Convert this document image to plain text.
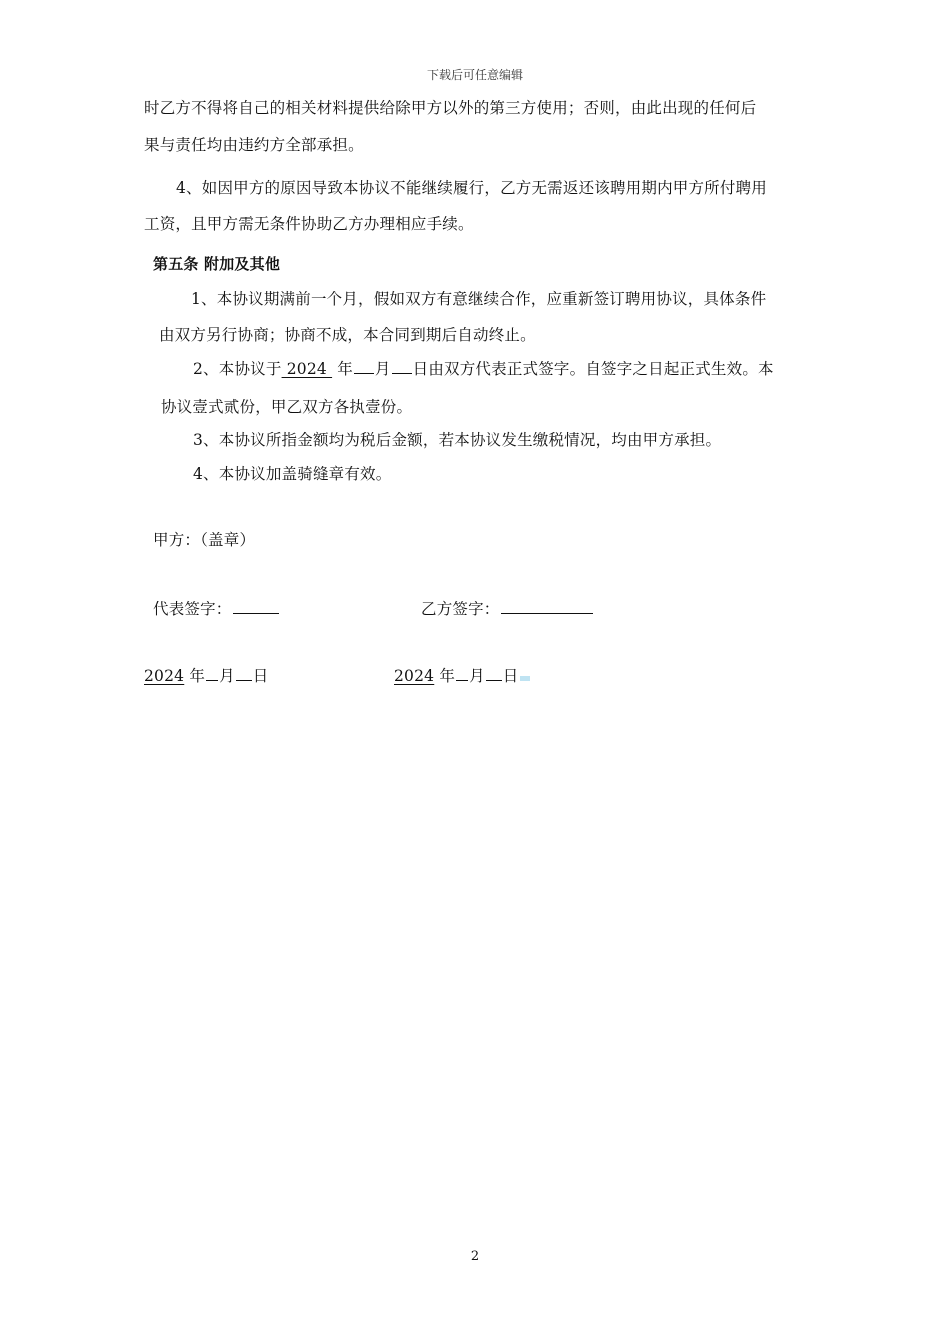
下载后可任意编辑
时乙方不得将自己的相关材料提供给除甲方以外的第三方使用；否则，由此出现的任何后
果与责任均由违约方全部承担。
4、如因甲方的原因导致本协议不能继续履行，乙方无需返还该聘用期内甲方所付聘用
工资，且甲方需无条件协助乙方办理相应手续。
第五条 附加及其他
1、本协议期满前一个月，假如双方有意继续合作，应重新签订聘用协议，具体条件
由双方另行协商；协商不成，本合同到期后自动终止。
2、本协议于 2024  年 月 日由双方代表正式签字。自签字之日起正式生效。本
协议壹式贰份，甲乙双方各执壹份。
3、本协议所指金额均为税后金额，若本协议发生缴税情况，均由甲方承担。
4、本协议加盖骑缝章有效。
甲方：（盖章）
代表签字：	乙方签字：
2024 年 月 日	2024 年 月 日
2
